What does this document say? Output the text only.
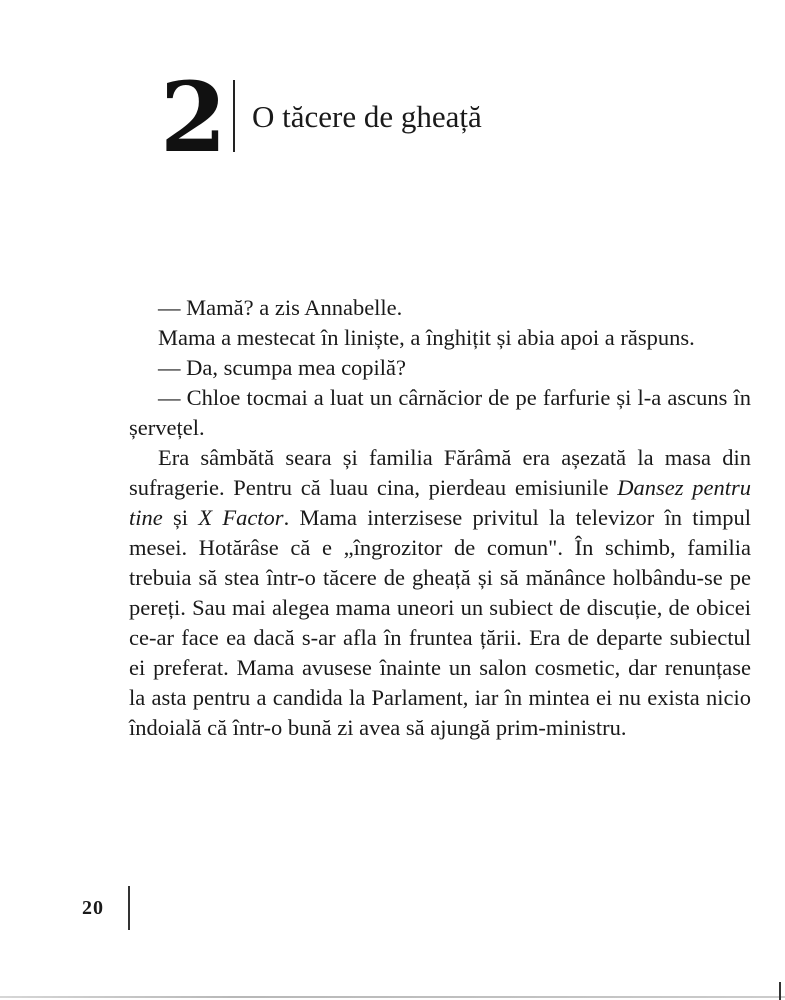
2 O tăcere de gheață

— Mamă? a zis Annabelle.

Mama a mestecat în liniște, a înghițit și abia apoi a răspuns.

— Da, scumpa mea copilă?

— Chloe tocmai a luat un cârnăcior de pe farfurie și l-a ascuns în șervețel.

Era sâmbătă seara și familia Fărâmă era așezată la masa din sufragerie. Pentru că luau cina, pierdeau emisiunile Dansez pentru tine și X Factor. Mama interzisese privitul la televizor în timpul mesei. Hotărâse că e „îngrozitor de comun". În schimb, familia trebuia să stea într-o tăcere de gheață și să mănânce holbându-se pe pereți. Sau mai alegea mama uneori un subiect de discuție, de obicei ce-ar face ea dacă s-ar afla în fruntea țării. Era de departe subiectul ei preferat. Mama avusese înainte un salon cosmetic, dar renunțase la asta pentru a candida la Parlament, iar în mintea ei nu exista nicio îndoială că într-o bună zi avea să ajungă prim-ministru.

20
